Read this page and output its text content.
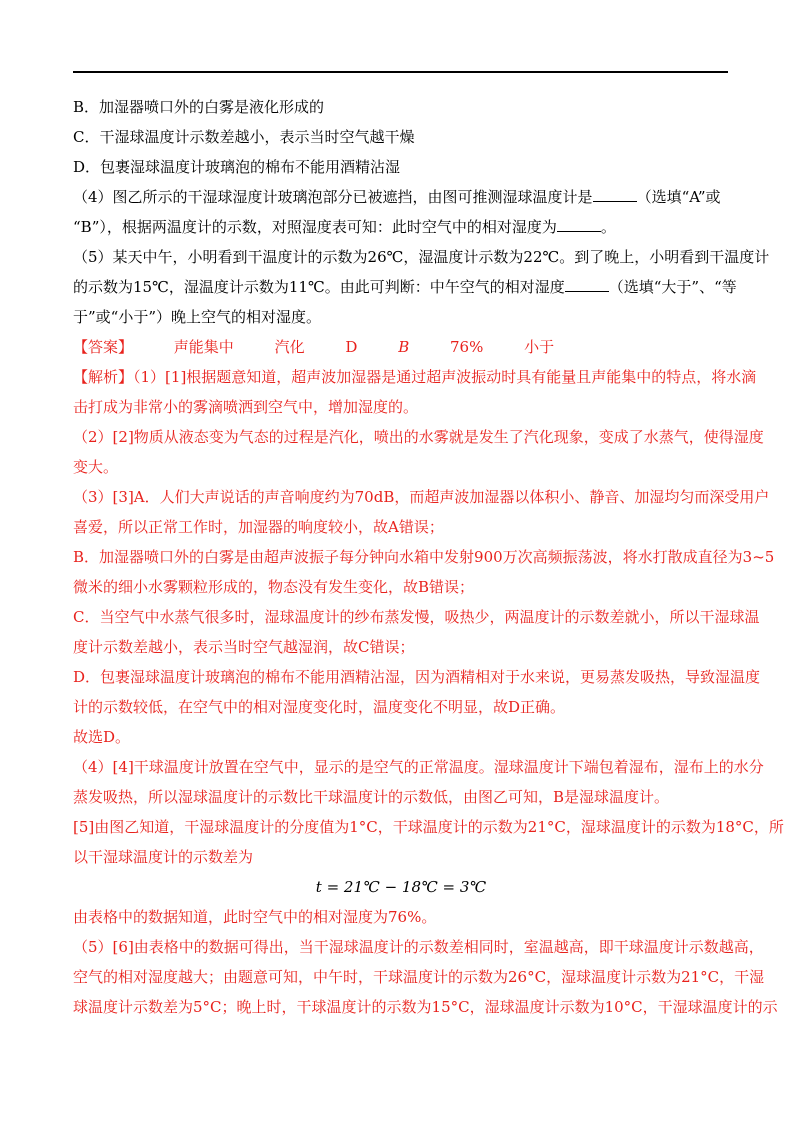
B．加湿器喷口外的白雾是液化形成的
C．干湿球温度计示数差越小，表示当时空气越干燥
D．包裹湿球温度计玻璃泡的棉布不能用酒精沾湿
（4）图乙所示的干湿球湿度计玻璃泡部分已被遮挡，由图可推测湿球温度计是	（选填“A”或
“B”），根据两温度计的示数，对照湿度表可知：此时空气中的相对湿度为	。
（5）某天中午，小明看到干温度计的示数为26℃，湿温度计示数为22℃。到了晚上，小明看到干温度计
的示数为15℃，湿温度计示数为11℃。由此可判断：中午空气的相对湿度	（选填“大于”、“等
于”或“小于”）晚上空气的相对湿度。
【答案】	声能集中	汽化	D	B	76%	小于
【解析】（1）[1]根据题意知道，超声波加湿器是通过超声波振动时具有能量且声能集中的特点，将水滴
击打成为非常小的雾滴喷洒到空气中，增加湿度的。
（2）[2]物质从液态变为气态的过程是汽化，喷出的水雾就是发生了汽化现象，变成了水蒸气，使得湿度
变大。
（3）[3]A．人们大声说话的声音响度约为70dB，而超声波加湿器以体积小、静音、加湿均匀而深受用户
喜爱，所以正常工作时，加湿器的响度较小，故A错误；
B．加湿器喷口外的白雾是由超声波振子每分钟向水箱中发射900万次高频振荡波，将水打散成直径为3~5
微米的细小水雾颗粒形成的，物态没有发生变化，故B错误；
C．当空气中水蒸气很多时，湿球温度计的纱布蒸发慢，吸热少，两温度计的示数差就小，所以干湿球温
度计示数差越小，表示当时空气越湿润，故C错误；
D．包裹湿球温度计玻璃泡的棉布不能用酒精沾湿，因为酒精相对于水来说，更易蒸发吸热，导致湿温度
计的示数较低，在空气中的相对湿度变化时，温度变化不明显，故D正确。
故选D。
（4）[4]干球温度计放置在空气中，显示的是空气的正常温度。湿球温度计下端包着湿布，湿布上的水分
蒸发吸热，所以湿球温度计的示数比干球温度计的示数低，由图乙可知，B是湿球温度计。
[5]由图乙知道，干湿球温度计的分度值为1°C，干球温度计的示数为21°C，湿球温度计的示数为18°C，所
以干湿球温度计的示数差为
t = 21℃ − 18℃ = 3℃
由表格中的数据知道，此时空气中的相对湿度为76%。
（5）[6]由表格中的数据可得出，当干湿球温度计的示数差相同时，室温越高，即干球温度计示数越高，
空气的相对湿度越大；由题意可知，中午时，干球温度计的示数为26°C，湿球温度计示数为21°C，干湿
球温度计示数差为5°C；晚上时，干球温度计的示数为15°C，湿球温度计示数为10°C，干湿球温度计的示
